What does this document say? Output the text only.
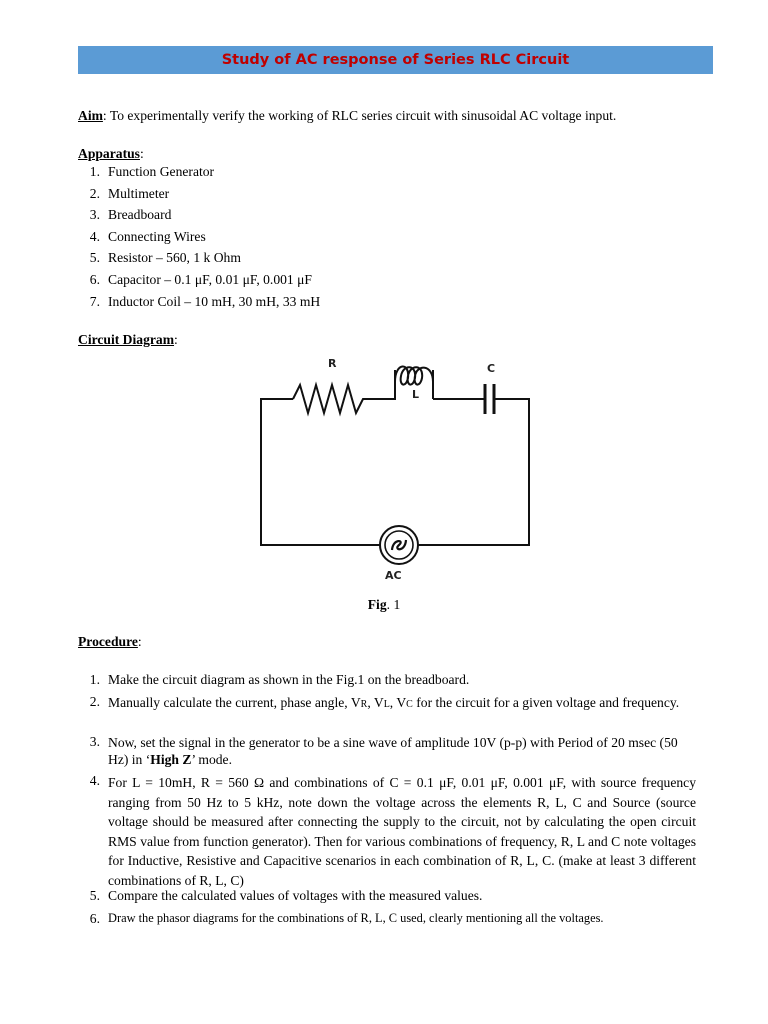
Study of AC response of Series RLC Circuit
Aim: To experimentally verify the working of RLC series circuit with sinusoidal AC voltage input.
Apparatus:
1. Function Generator
2. Multimeter
3. Breadboard
4. Connecting Wires
5. Resistor – 560, 1 k Ohm
6. Capacitor – 0.1 μF, 0.01 μF, 0.001 μF
7. Inductor Coil – 10 mH, 30 mH, 33 mH
Circuit Diagram:
R
L
C
AC
Fig. 1
Procedure:
1. Make the circuit diagram as shown in the Fig.1 on the breadboard.
2. Manually calculate the current, phase angle, VR, VL, VC for the circuit for a given voltage and frequency.
3. Now, set the signal in the generator to be a sine wave of amplitude 10V (p-p) with Period of 20 msec (50 Hz) in ‘High Z’ mode.
4. For L = 10mH, R = 560 Ω and combinations of C = 0.1 μF, 0.01 μF, 0.001 μF, with source frequency ranging from 50 Hz to 5 kHz, note down the voltage across the elements R, L, C and Source (source voltage should be measured after connecting the supply to the circuit, not by calculating the open circuit RMS value from function generator). Then for various combinations of frequency, R, L and C note voltages for Inductive, Resistive and Capacitive scenarios in each combination of R, L, C. (make at least 3 different combinations of R, L, C)
5. Compare the calculated values of voltages with the measured values.
6. Draw the phasor diagrams for the combinations of R, L, C used, clearly mentioning all the voltages.
